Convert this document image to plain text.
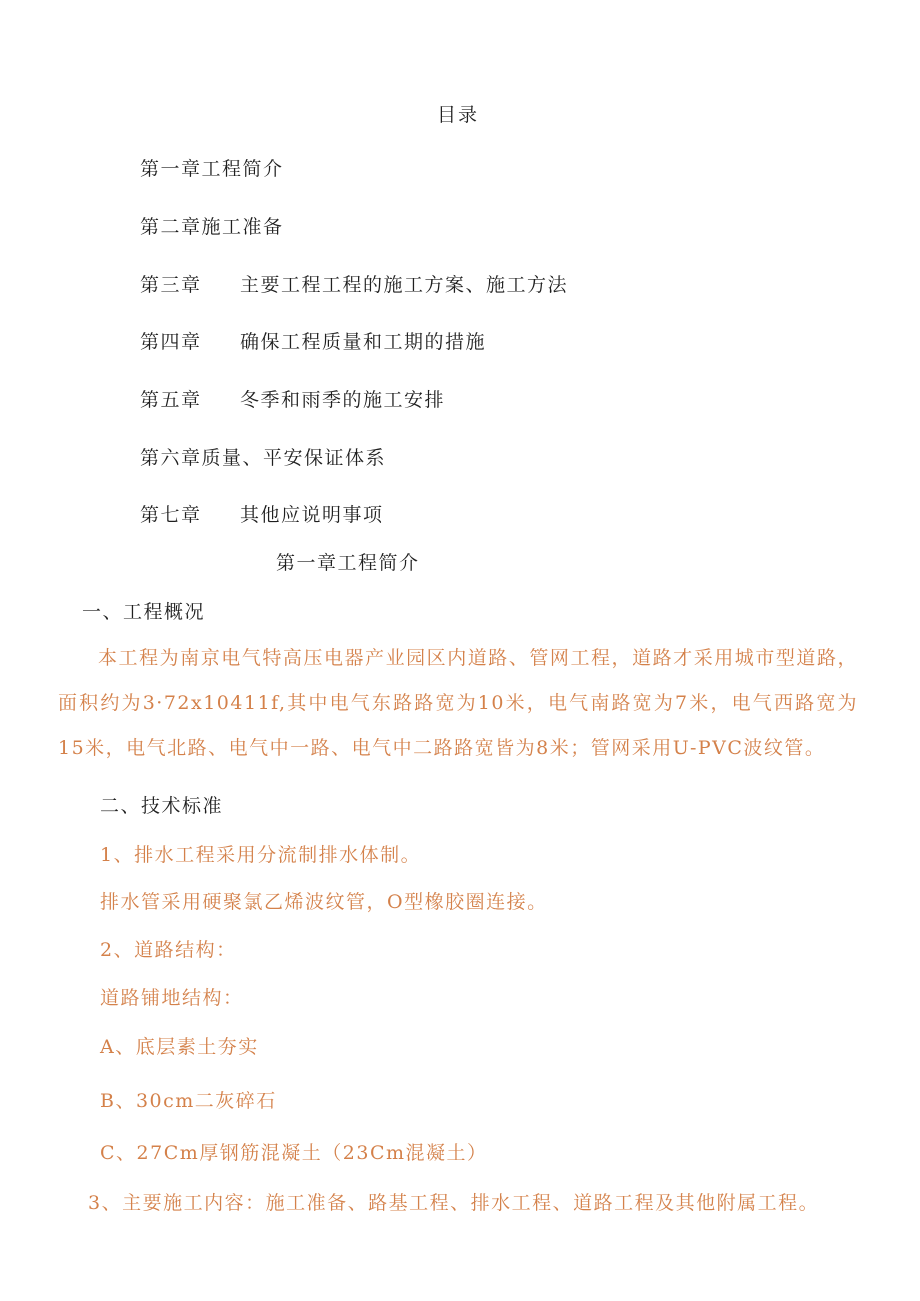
目录
第一章工程简介
第二章施工准备
第三章 主要工程工程的施工方案、施工方法
第四章 确保工程质量和工期的措施
第五章 冬季和雨季的施工安排
第六章质量、平安保证体系
第七章 其他应说明事项
第一章工程简介
一、工程概况
本工程为南京电气特高压电器产业园区内道路、管网工程，道路才采用城市型道路，面积约为3·72x10411f,其中电气东路路宽为10米，电气南路宽为7米，电气西路宽为15米，电气北路、电气中一路、电气中二路路宽皆为8米；管网采用U-PVC波纹管。
二、技术标准
1、排水工程采用分流制排水体制。
排水管采用硬聚氯乙烯波纹管，O型橡胶圈连接。
2、道路结构：
道路铺地结构：
A、底层素土夯实
B、30cm二灰碎石
C、27Cm厚钢筋混凝土（23Cm混凝土）
3、主要施工内容：施工准备、路基工程、排水工程、道路工程及其他附属工程。
